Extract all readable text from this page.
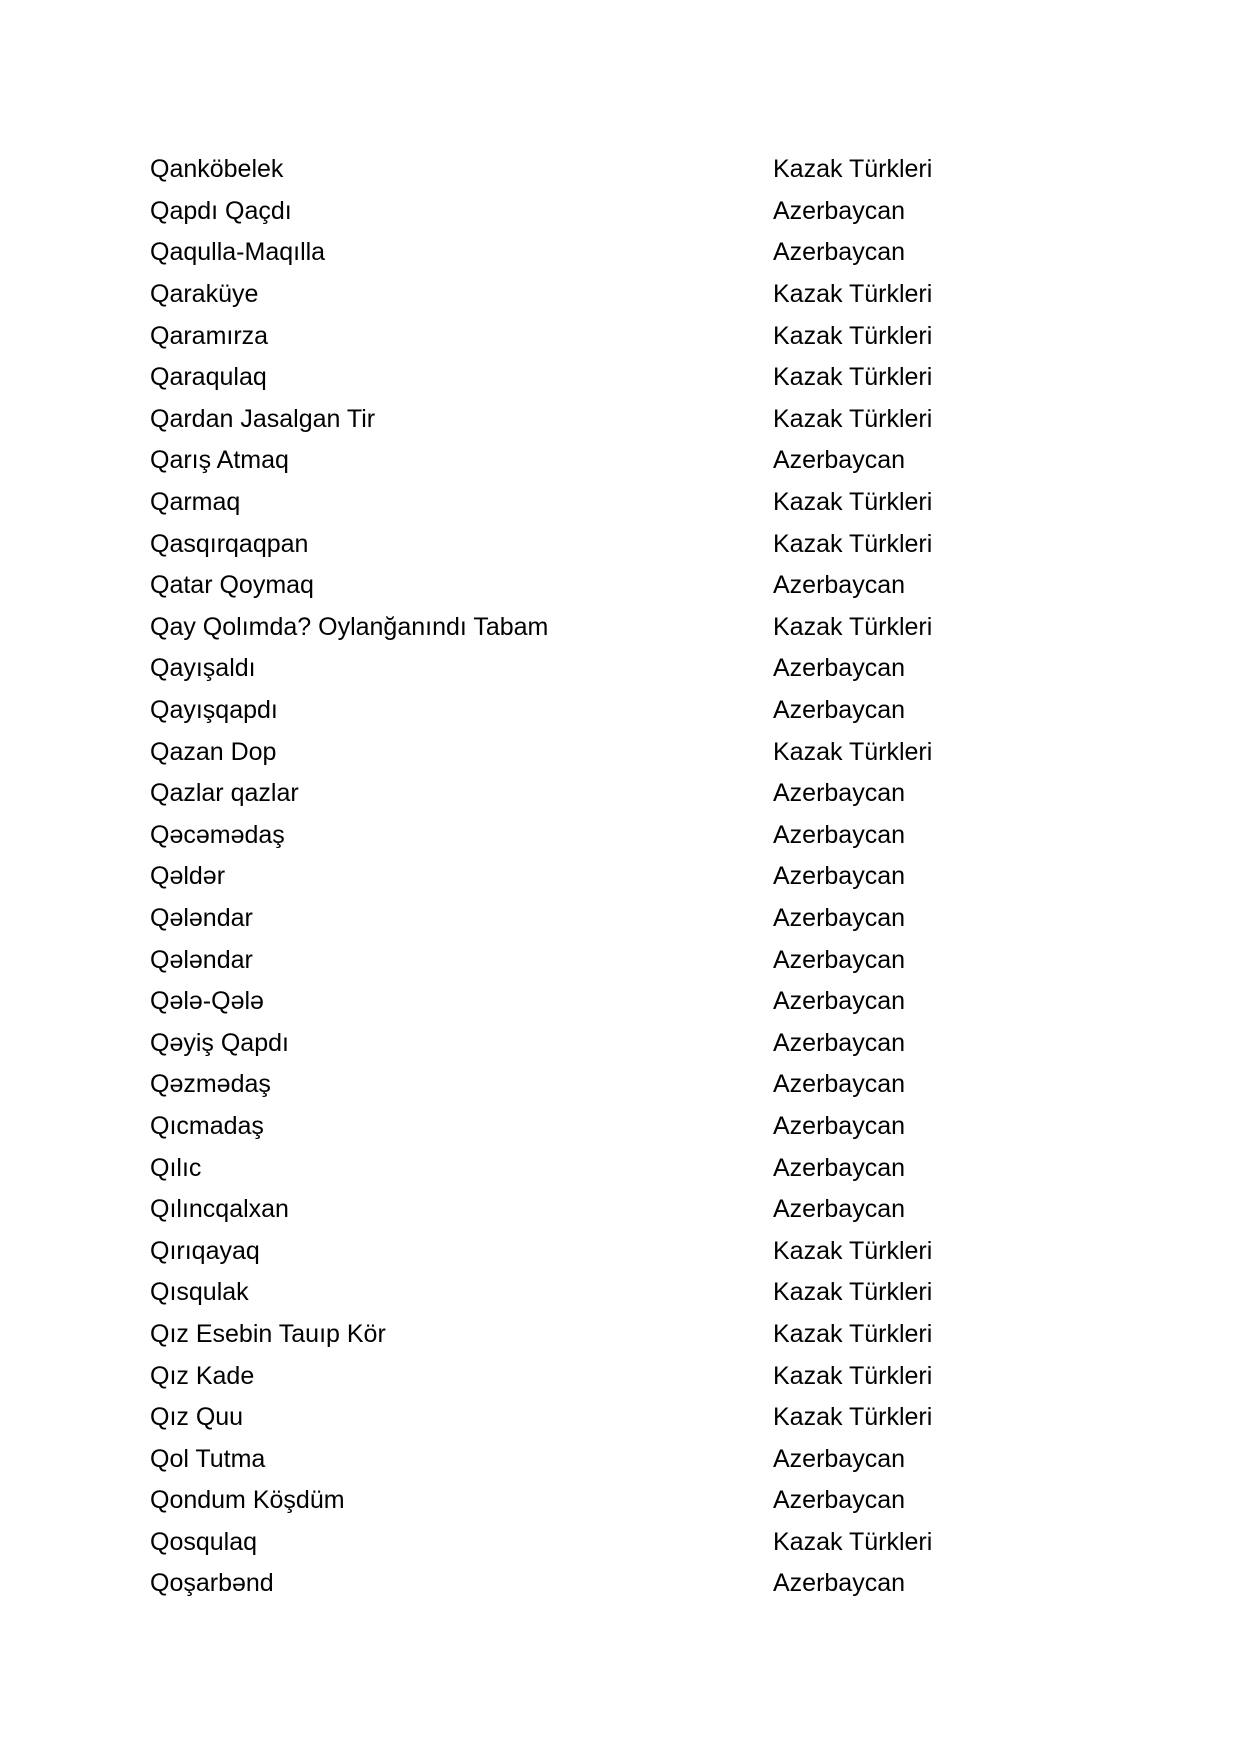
Qanköbelek	Kazak Türkleri
Qapdı Qaçdı	Azerbaycan
Qaqulla-Maqılla	Azerbaycan
Qaraküye	Kazak Türkleri
Qaramırza	Kazak Türkleri
Qaraqulaq	Kazak Türkleri
Qardan Jasalgan Tir	Kazak Türkleri
Qarış Atmaq	Azerbaycan
Qarmaq	Kazak Türkleri
Qasqırqaqpan	Kazak Türkleri
Qatar Qoymaq	Azerbaycan
Qay Qolımda? Oylanğanındı Tabam	Kazak Türkleri
Qayışaldı	Azerbaycan
Qayışqapdı	Azerbaycan
Qazan Dop	Kazak Türkleri
Qazlar qazlar	Azerbaycan
Qəcəmədaş	Azerbaycan
Qəldər	Azerbaycan
Qələndar	Azerbaycan
Qələndar	Azerbaycan
Qələ-Qələ	Azerbaycan
Qəyiş Qapdı	Azerbaycan
Qəzmədaş	Azerbaycan
Qıcmadaş	Azerbaycan
Qılıc	Azerbaycan
Qılıncqalxan	Azerbaycan
Qırıqayaq	Kazak Türkleri
Qısqulak	Kazak Türkleri
Qız Esebin Tauıp Kör	Kazak Türkleri
Qız Kade	Kazak Türkleri
Qız Quu	Kazak Türkleri
Qol Tutma	Azerbaycan
Qondum Köşdüm	Azerbaycan
Qosqulaq	Kazak Türkleri
Qoşarbənd	Azerbaycan
